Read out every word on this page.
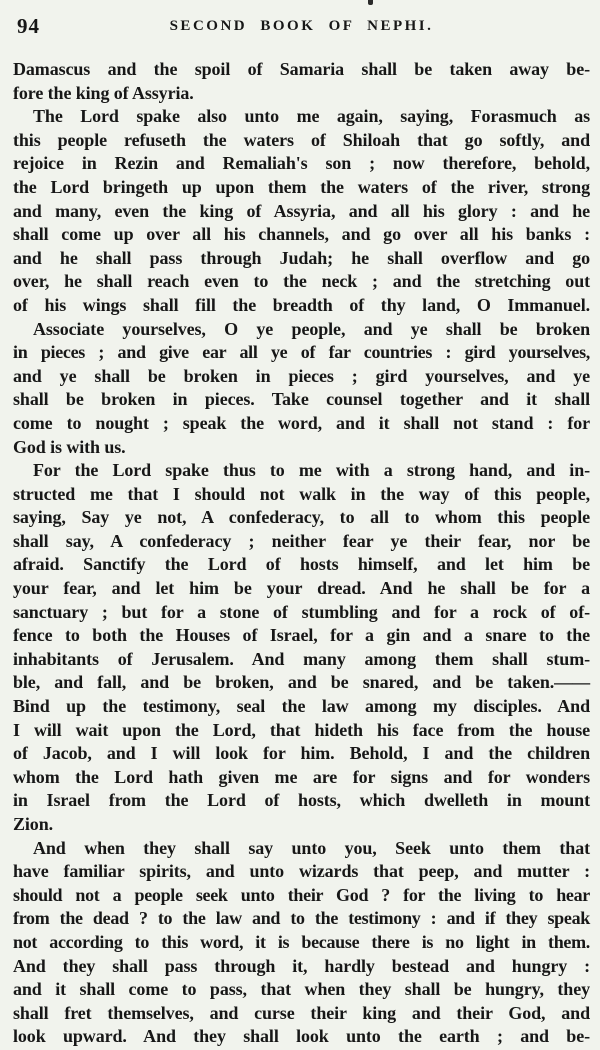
94	SECOND BOOK OF NEPHI.
Damascus and the spoil of Samaria shall be taken away be-
fore the king of Assyria.
The Lord spake also unto me again, saying, Forasmuch as
this people refuseth the waters of Shiloah that go softly, and
rejoice in Rezin and Remaliah's son ; now therefore, behold,
the Lord bringeth up upon them the waters of the river, strong
and many, even the king of Assyria, and all his glory : and he
shall come up over all his channels, and go over all his banks :
and he shall pass through Judah; he shall overflow and go
over, he shall reach even to the neck ; and the stretching out
of his wings shall fill the breadth of thy land, O Immanuel.
Associate yourselves, O ye people, and ye shall be broken
in pieces ; and give ear all ye of far countries : gird yourselves,
and ye shall be broken in pieces ; gird yourselves, and ye
shall be broken in pieces. Take counsel together and it shall
come to nought ; speak the word, and it shall not stand : for
God is with us.
For the Lord spake thus to me with a strong hand, and in-
structed me that I should not walk in the way of this people,
saying, Say ye not, A confederacy, to all to whom this people
shall say, A confederacy ; neither fear ye their fear, nor be
afraid. Sanctify the Lord of hosts himself, and let him be
your fear, and let him be your dread. And he shall be for a
sanctuary ; but for a stone of stumbling and for a rock of of-
fence to both the Houses of Israel, for a gin and a snare to the
inhabitants of Jerusalem. And many among them shall stum-
ble, and fall, and be broken, and be snared, and be taken.——
Bind up the testimony, seal the law among my disciples. And
I will wait upon the Lord, that hideth his face from the house
of Jacob, and I will look for him. Behold, I and the children
whom the Lord hath given me are for signs and for wonders
in Israel from the Lord of hosts, which dwelleth in mount
Zion.
And when they shall say unto you, Seek unto them that
have familiar spirits, and unto wizards that peep, and mutter :
should not a people seek unto their God ? for the living to hear
from the dead ? to the law and to the testimony : and if they speak
not according to this word, it is because there is no light in them.
And they shall pass through it, hardly bestead and hungry :
and it shall come to pass, that when they shall be hungry, they
shall fret themselves, and curse their king and their God, and
look upward. And they shall look unto the earth ; and be-
